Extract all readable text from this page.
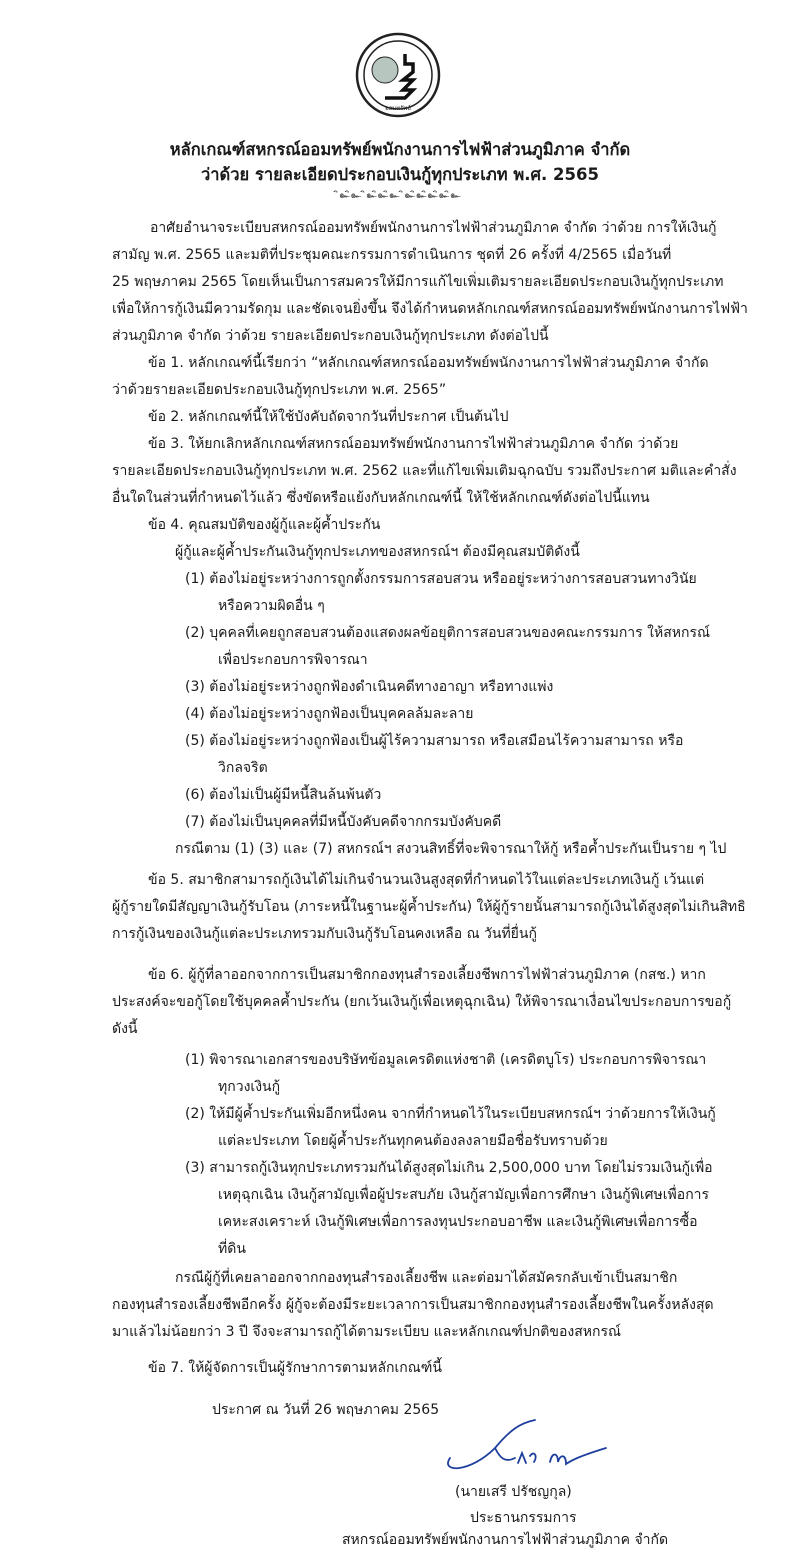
ออมทรัพย์
หลักเกณฑ์สหกรณ์ออมทรัพย์พนักงานการไฟฟ้าส่วนภูมิภาค จำกัด
ว่าด้วย รายละเอียดประกอบเงินกู้ทุกประเภท พ.ศ. 2565
ิ๛ิ๛ ิ๛ิ๛ิ๛ ิ๛ิ๛ิ๛ิ๛ิ๛
อาศัยอำนาจระเบียบสหกรณ์ออมทรัพย์พนักงานการไฟฟ้าส่วนภูมิภาค จำกัด ว่าด้วย การให้เงินกู้
สามัญ พ.ศ. 2565 และมติที่ประชุมคณะกรรมการดำเนินการ ชุดที่ 26 ครั้งที่ 4/2565 เมื่อวันที่
25 พฤษภาคม 2565 โดยเห็นเป็นการสมควรให้มีการแก้ไขเพิ่มเติมรายละเอียดประกอบเงินกู้ทุกประเภท
เพื่อให้การกู้เงินมีความรัดกุม และชัดเจนยิ่งขึ้น จึงได้กำหนดหลักเกณฑ์สหกรณ์ออมทรัพย์พนักงานการไฟฟ้า
ส่วนภูมิภาค จำกัด ว่าด้วย รายละเอียดประกอบเงินกู้ทุกประเภท ดังต่อไปนี้
ข้อ 1. หลักเกณฑ์นี้เรียกว่า “หลักเกณฑ์สหกรณ์ออมทรัพย์พนักงานการไฟฟ้าส่วนภูมิภาค จำกัด
ว่าด้วยรายละเอียดประกอบเงินกู้ทุกประเภท พ.ศ. 2565”
ข้อ 2. หลักเกณฑ์นี้ให้ใช้บังคับถัดจากวันที่ประกาศ เป็นต้นไป
ข้อ 3. ให้ยกเลิกหลักเกณฑ์สหกรณ์ออมทรัพย์พนักงานการไฟฟ้าส่วนภูมิภาค จำกัด ว่าด้วย
รายละเอียดประกอบเงินกู้ทุกประเภท พ.ศ. 2562 และที่แก้ไขเพิ่มเติมฉุกฉบับ รวมถึงประกาศ มติและคำสั่ง
อื่นใดในส่วนที่กำหนดไว้แล้ว ซึ่งขัดหรือแย้งกับหลักเกณฑ์นี้ ให้ใช้หลักเกณฑ์ดังต่อไปนี้แทน
ข้อ 4. คุณสมบัติของผู้กู้และผู้ค้ำประกัน
ผู้กู้และผู้ค้ำประกันเงินกู้ทุกประเภทของสหกรณ์ฯ ต้องมีคุณสมบัติดังนี้
(1) ต้องไม่อยู่ระหว่างการถูกตั้งกรรมการสอบสวน หรืออยู่ระหว่างการสอบสวนทางวินัย
หรือความผิดอื่น ๆ
(2) บุคคลที่เคยถูกสอบสวนต้องแสดงผลข้อยุติการสอบสวนของคณะกรรมการ ให้สหกรณ์
เพื่อประกอบการพิจารณา
(3) ต้องไม่อยู่ระหว่างถูกฟ้องดำเนินคดีทางอาญา หรือทางแพ่ง
(4) ต้องไม่อยู่ระหว่างถูกฟ้องเป็นบุคคลล้มละลาย
(5) ต้องไม่อยู่ระหว่างถูกฟ้องเป็นผู้ไร้ความสามารถ หรือเสมือนไร้ความสามารถ หรือ
วิกลจริต
(6) ต้องไม่เป็นผู้มีหนี้สินล้นพ้นตัว
(7) ต้องไม่เป็นบุคคลที่มีหนี้บังคับคดีจากกรมบังคับคดี
กรณีตาม (1) (3) และ (7) สหกรณ์ฯ สงวนสิทธิ์ที่จะพิจารณาให้กู้ หรือค้ำประกันเป็นราย ๆ ไป
ข้อ 5. สมาชิกสามารถกู้เงินได้ไม่เกินจำนวนเงินสูงสุดที่กำหนดไว้ในแต่ละประเภทเงินกู้ เว้นแต่
ผู้กู้รายใดมีสัญญาเงินกู้รับโอน (ภาระหนี้ในฐานะผู้ค้ำประกัน) ให้ผู้กู้รายนั้นสามารถกู้เงินได้สูงสุดไม่เกินสิทธิ
การกู้เงินของเงินกู้แต่ละประเภทรวมกับเงินกู้รับโอนคงเหลือ ณ วันที่ยื่นกู้
ข้อ 6. ผู้กู้ที่ลาออกจากการเป็นสมาชิกกองทุนสำรองเลี้ยงชีพการไฟฟ้าส่วนภูมิภาค (กสช.) หาก
ประสงค์จะขอกู้โดยใช้บุคคลค้ำประกัน (ยกเว้นเงินกู้เพื่อเหตุฉุกเฉิน) ให้พิจารณาเงื่อนไขประกอบการขอกู้
ดังนี้
(1) พิจารณาเอกสารของบริษัทข้อมูลเครดิตแห่งชาติ (เครดิตบูโร) ประกอบการพิจารณา
ทุกวงเงินกู้
(2) ให้มีผู้ค้ำประกันเพิ่มอีกหนึ่งคน จากที่กำหนดไว้ในระเบียบสหกรณ์ฯ ว่าด้วยการให้เงินกู้
แต่ละประเภท โดยผู้ค้ำประกันทุกคนต้องลงลายมือชื่อรับทราบด้วย
(3) สามารถกู้เงินทุกประเภทรวมกันได้สูงสุดไม่เกิน 2,500,000 บาท โดยไม่รวมเงินกู้เพื่อ
เหตุฉุกเฉิน เงินกู้สามัญเพื่อผู้ประสบภัย เงินกู้สามัญเพื่อการศึกษา เงินกู้พิเศษเพื่อการ
เคหะสงเคราะห์ เงินกู้พิเศษเพื่อการลงทุนประกอบอาชีพ และเงินกู้พิเศษเพื่อการซื้อ
ที่ดิน
กรณีผู้กู้ที่เคยลาออกจากกองทุนสำรองเลี้ยงชีพ และต่อมาได้สมัครกลับเข้าเป็นสมาชิก
กองทุนสำรองเลี้ยงชีพอีกครั้ง ผู้กู้จะต้องมีระยะเวลาการเป็นสมาชิกกองทุนสำรองเลี้ยงชีพในครั้งหลังสุด
มาแล้วไม่น้อยกว่า 3 ปี จึงจะสามารถกู้ได้ตามระเบียบ และหลักเกณฑ์ปกติของสหกรณ์
ข้อ 7. ให้ผู้จัดการเป็นผู้รักษาการตามหลักเกณฑ์นี้
ประกาศ ณ วันที่ 26 พฤษภาคม 2565
(นายเสรี ปรัชญกุล)
ประธานกรรมการ
สหกรณ์ออมทรัพย์พนักงานการไฟฟ้าส่วนภูมิภาค จำกัด
